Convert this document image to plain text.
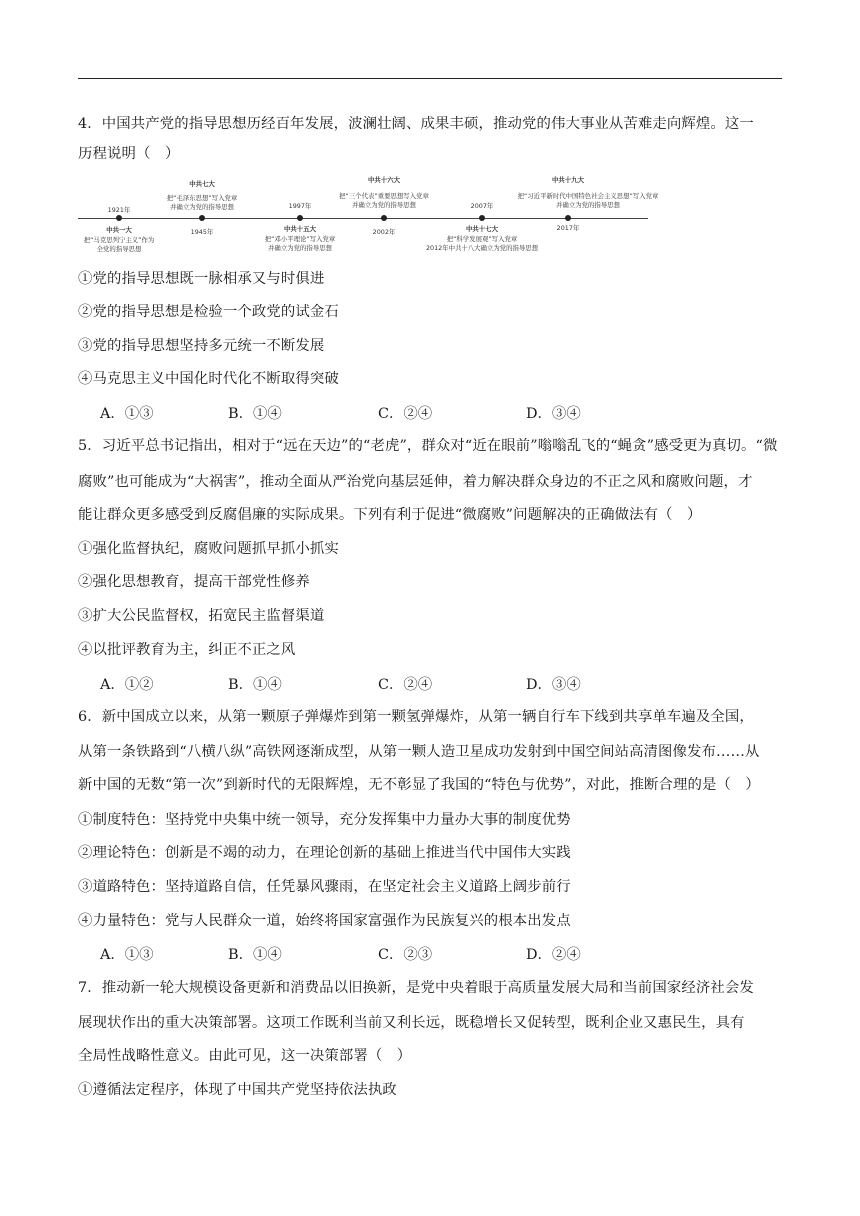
4．中国共产党的指导思想历经百年发展，波澜壮阔、成果丰硕，推动党的伟大事业从苦难走向辉煌。这一
历程说明（　）
1921年
中共一大
把“马克思列宁主义”作为
全党的指导思想
中共七大
把“毛泽东思想”写入党章
并确立为党的指导思想
1945年
1997年
中共十五大
把“邓小平理论”写入党章
并确立为党的指导思想
中共十六大
把“三个代表”重要思想写入党章
并确立为党的指导思想
2002年
2007年
中共十七大
把“科学发展观”写入党章
2012年中共十八大确立为党的指导思想
中共十九大
把“习近平新时代中国特色社会主义思想”写入党章
并确立为党的指导思想
2017年
①党的指导思想既一脉相承又与时俱进
②党的指导思想是检验一个政党的试金石
③党的指导思想坚持多元统一不断发展
④马克思主义中国化时代化不断取得突破
A．①③	B．①④	C．②④	D．③④
5．习近平总书记指出，相对于“远在天边”的“老虎”，群众对“近在眼前”嗡嗡乱飞的“蝇贪”感受更为真切。“微
腐败”也可能成为“大祸害”，推动全面从严治党向基层延伸，着力解决群众身边的不正之风和腐败问题，才
能让群众更多感受到反腐倡廉的实际成果。下列有利于促进“微腐败”问题解决的正确做法有（　）
①强化监督执纪，腐败问题抓早抓小抓实
②强化思想教育，提高干部党性修养
③扩大公民监督权，拓宽民主监督渠道
④以批评教育为主，纠正不正之风
A．①②	B．①④	C．②④	D．③④
6．新中国成立以来，从第一颗原子弹爆炸到第一颗氢弹爆炸，从第一辆自行车下线到共享单车遍及全国，
从第一条铁路到“八横八纵”高铁网逐渐成型，从第一颗人造卫星成功发射到中国空间站高清图像发布……从
新中国的无数“第一次”到新时代的无限辉煌，无不彰显了我国的“特色与优势”，对此，推断合理的是（　）
①制度特色：坚持党中央集中统一领导，充分发挥集中力量办大事的制度优势
②理论特色：创新是不竭的动力，在理论创新的基础上推进当代中国伟大实践
③道路特色：坚持道路自信，任凭暴风骤雨，在坚定社会主义道路上阔步前行
④力量特色：党与人民群众一道，始终将国家富强作为民族复兴的根本出发点
A．①③	B．①④	C．②③	D．②④
7．推动新一轮大规模设备更新和消费品以旧换新，是党中央着眼于高质量发展大局和当前国家经济社会发
展现状作出的重大决策部署。这项工作既利当前又利长远，既稳增长又促转型，既利企业又惠民生，具有
全局性战略性意义。由此可见，这一决策部署（　）
①遵循法定程序，体现了中国共产党坚持依法执政
